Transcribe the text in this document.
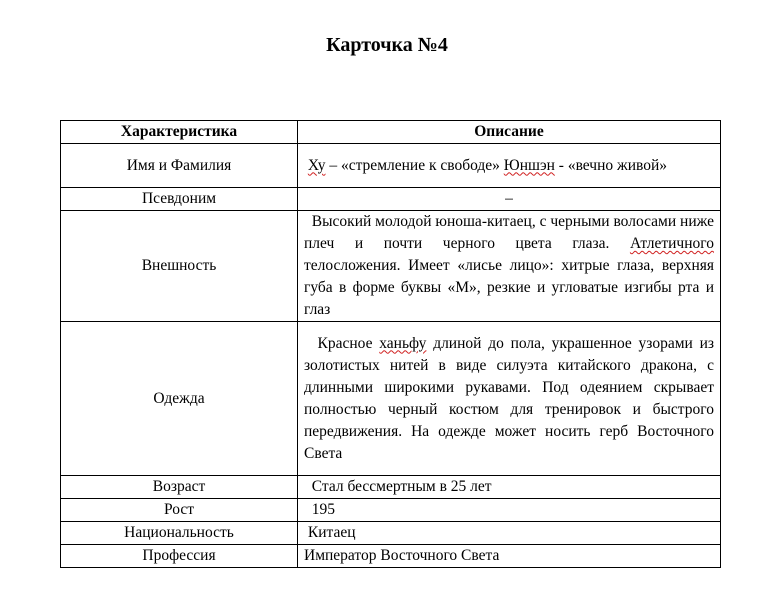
Карточка №4
Характеристика	Описание
Имя и Фамилия	Ху – «стремление к свободе» Юншэн - «вечно живой»
Псевдоним	–
Внешность	Высокий молодой юноша-китаец, с черными волосами ниже плеч и почти черного цвета глаза. Атлетичного телосложения. Имеет «лисье лицо»: хитрые глаза, верхняя губа в форме буквы «М», резкие и угловатые изгибы рта и глаз
Одежда	Красное ханьфу длиной до пола, украшенное узорами из золотистых нитей в виде силуэта китайского дракона, с длинными широкими рукавами. Под одеянием скрывает полностью черный костюм для тренировок и быстрого передвижения. На одежде может носить герб Восточного Света
Возраст	Стал бессмертным в 25 лет
Рост	195
Национальность	Китаец
Профессия	Император Восточного Света
